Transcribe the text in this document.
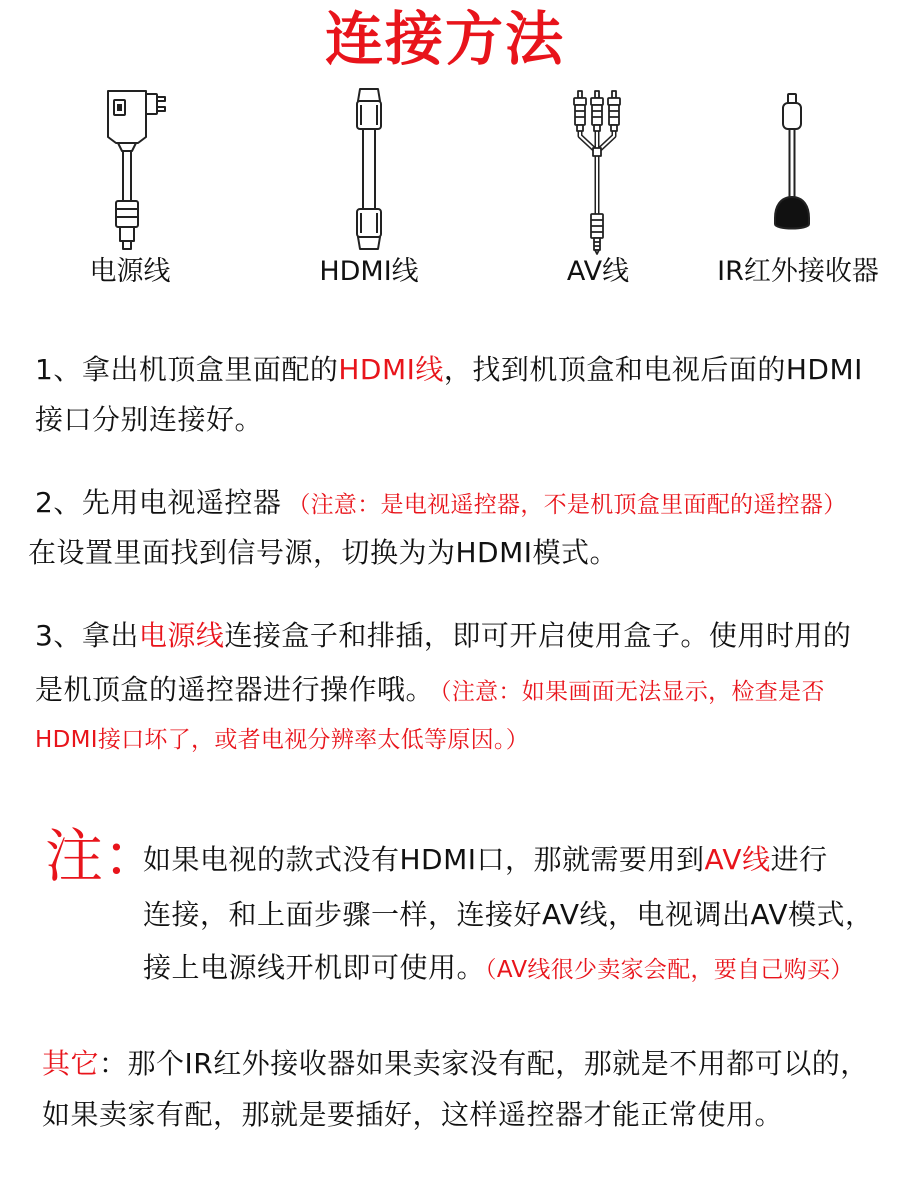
连接方法
电源线	HDMI线	AV线	IR红外接收器
1、拿出机顶盒里面配的HDMI线，找到机顶盒和电视后面的HDMI
接口分别连接好。
2、先用电视遥控器 （注意：是电视遥控器，不是机顶盒里面配的遥控器）
在设置里面找到信号源，切换为为HDMI模式。
3、拿出电源线连接盒子和排插，即可开启使用盒子。使用时用的
是机顶盒的遥控器进行操作哦。 （注意：如果画面无法显示，检查是否
HDMI接口坏了，或者电视分辨率太低等原因。）
注：
如果电视的款式没有HDMI口，那就需要用到AV线进行
连接，和上面步骤一样，连接好AV线，电视调出AV模式，
接上电源线开机即可使用。（AV线很少卖家会配，要自己购买）
其它：那个IR红外接收器如果卖家没有配，那就是不用都可以的，
如果卖家有配，那就是要插好，这样遥控器才能正常使用。
